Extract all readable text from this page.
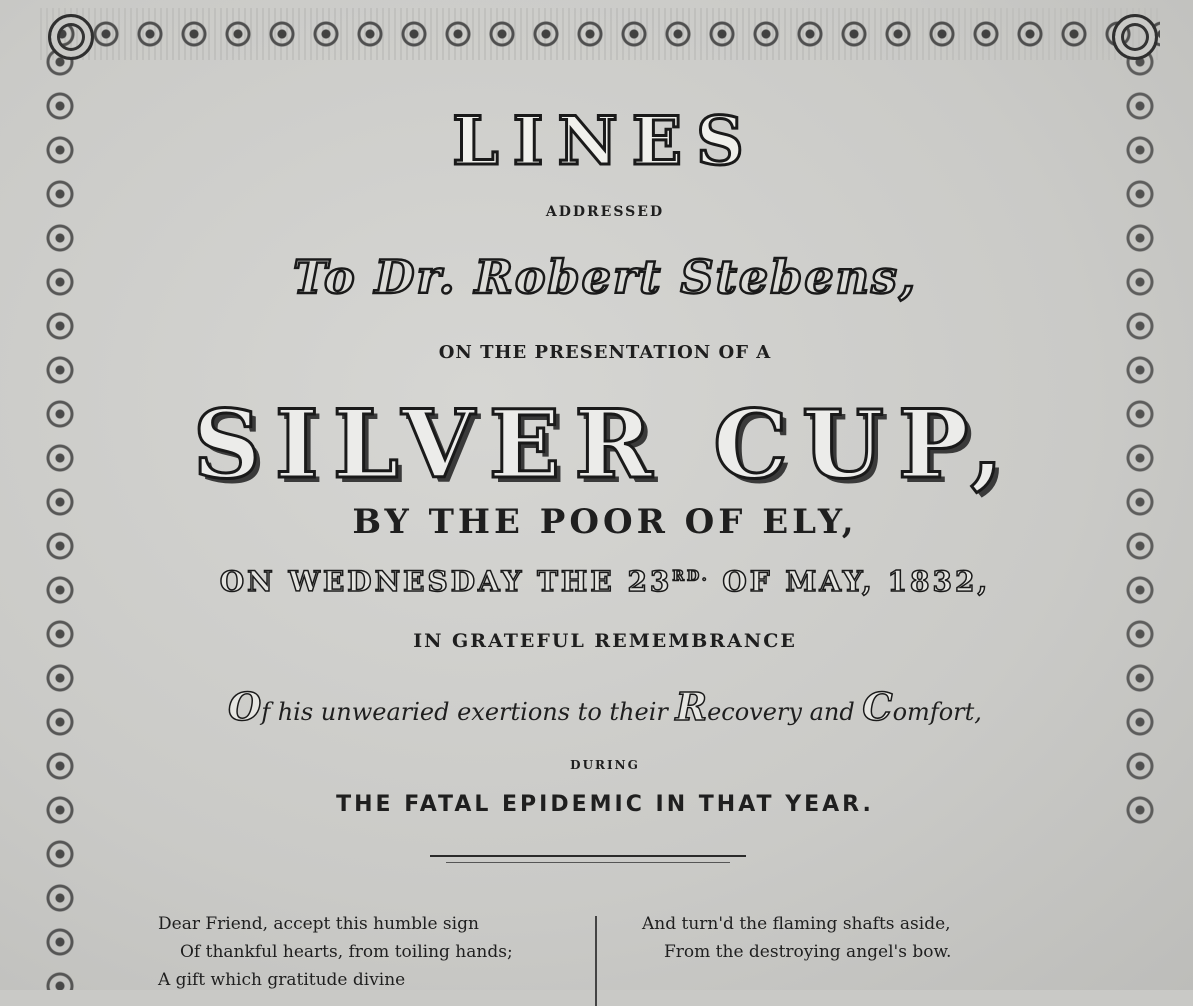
LINES
ADDRESSED
To Dr. Robert Stebens,
ON THE PRESENTATION OF A
SILVER CUP,
BY THE POOR OF ELY,
ON WEDNESDAY THE $23^{RD.}$ OF MAY, 1832,
IN GRATEFUL REMEMBRANCE
Of his unwearied exertions to their Recovery and Comfort,
DURING
THE FATAL EPIDEMIC IN THAT YEAR.
Dear Friend, accept this humble sign
Of thankful hearts, from toiling hands;
A gift which gratitude divine
And turn'd the flaming shafts aside,
From the destroying angel's bow.
